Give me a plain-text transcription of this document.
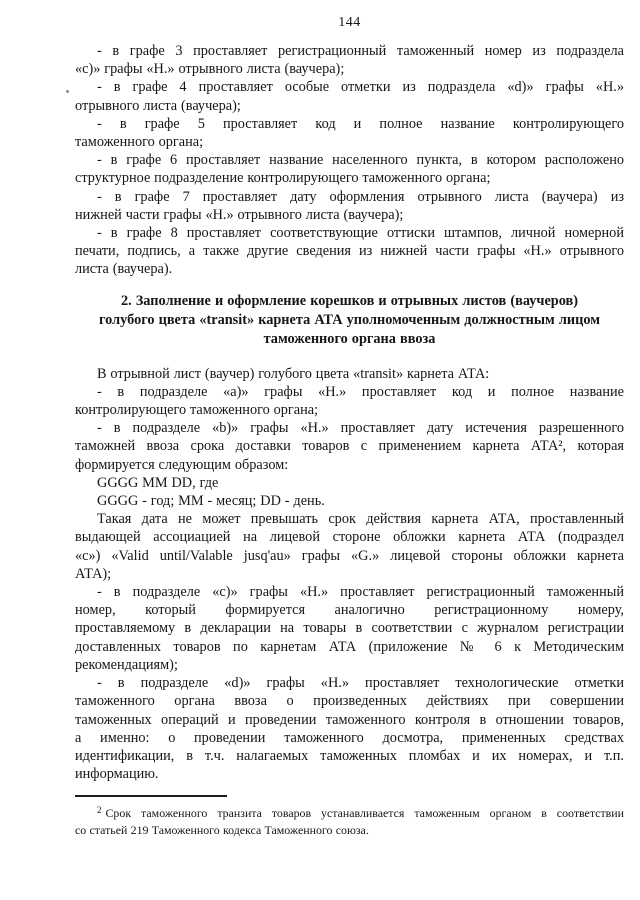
144
- в графе 3 проставляет регистрационный таможенный номер из подраздела
«с)» графы «Н.» отрывного листа (ваучера);
- в графе 4 проставляет особые отметки из подраздела «d)» графы «Н.»
отрывного листа (ваучера);
- в графе 5 проставляет код и полное название контролирующего
таможенного органа;
- в графе 6 проставляет название населенного пункта, в котором расположено
структурное подразделение контролирующего таможенного органа;
- в графе 7 проставляет дату оформления отрывного листа (ваучера) из
нижней части графы «Н.» отрывного листа (ваучера);
- в графе 8 проставляет соответствующие оттиски штампов, личной номерной
печати, подпись, а также другие сведения из нижней части графы «Н.» отрывного
листа (ваучера).
2. Заполнение и оформление корешков и отрывных листов (ваучеров)
голубого цвета «transit» карнета АТА уполномоченным должностным лицом
таможенного органа ввоза
В отрывной лист (ваучер) голубого цвета «transit» карнета АТА:
- в подразделе «а)» графы «Н.» проставляет код и полное название
контролирующего таможенного органа;
- в подразделе «b)» графы «Н.» проставляет дату истечения разрешенного
таможней ввоза срока доставки товаров с применением карнета АТА², которая
формируется следующим образом:
GGGG MM DD, где
GGGG - год; MM - месяц; DD - день.
Такая дата не может превышать срок действия карнета АТА, проставленный
выдающей ассоциацией на лицевой стороне обложки карнета АТА (подраздел
«с») «Valid until/Valable jusq'au» графы «G.» лицевой стороны обложки карнета
АТА);
- в подразделе «с)» графы «Н.» проставляет регистрационный таможенный
номер, который формируется аналогично регистрационному номеру,
проставляемому в декларации на товары в соответствии с журналом регистрации
доставленных товаров по карнетам АТА (приложение № 6 к Методическим
рекомендациям);
- в подразделе «d)» графы «Н.» проставляет технологические отметки
таможенного органа ввоза о произведенных действиях при совершении
таможенных операций и проведении таможенного контроля в отношении товаров,
а именно: о проведении таможенного досмотра, примененных средствах
идентификации, в т.ч. налагаемых таможенных пломбах и их номерах, и т.п.
информацию.
$^2$ Срок таможенного транзита товаров устанавливается таможенным органом в соответствии
со статьей 219 Таможенного кодекса Таможенного союза.
